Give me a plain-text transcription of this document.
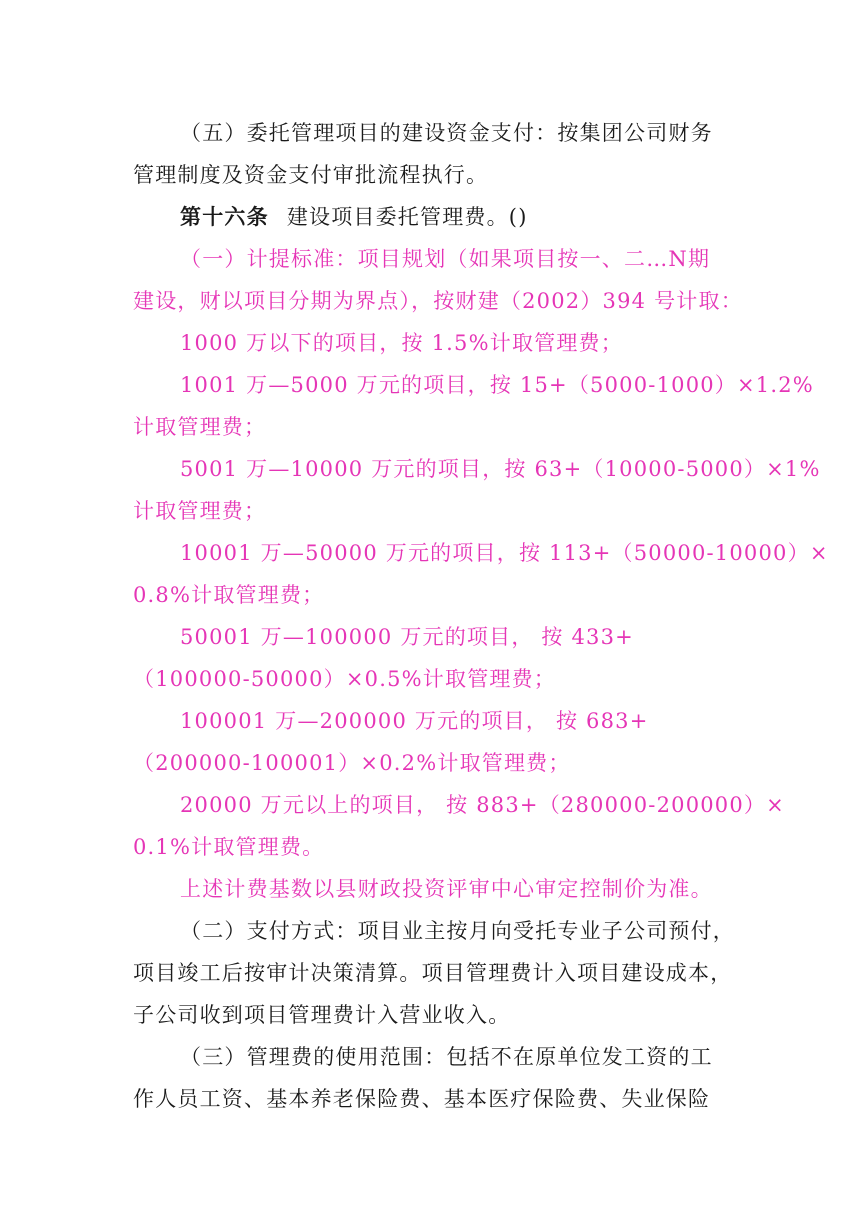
（五）委托管理项目的建设资金支付：按集团公司财务
管理制度及资金支付审批流程执行。
第十六条 建设项目委托管理费。()
（一）计提标准：项目规划（如果项目按一、二…N期
建设，财以项目分期为界点），按财建（2002）394 号计取：
1000 万以下的项目，按 1.5%计取管理费；
1001 万—5000 万元的项目，按 15+（5000-1000）×1.2%
计取管理费；
5001 万—10000 万元的项目，按 63+（10000-5000）×1%
计取管理费；
10001 万—50000 万元的项目，按 113+（50000-10000）×
0.8%计取管理费；
50001 万—100000 万元的项目， 按 433+
（100000-50000）×0.5%计取管理费；
100001 万—200000 万元的项目， 按 683+
（200000-100001）×0.2%计取管理费；
20000 万元以上的项目， 按 883+（280000-200000）×
0.1%计取管理费。
上述计费基数以县财政投资评审中心审定控制价为准。
（二）支付方式：项目业主按月向受托专业子公司预付，
项目竣工后按审计决策清算。项目管理费计入项目建设成本，
子公司收到项目管理费计入营业收入。
（三）管理费的使用范围：包括不在原单位发工资的工
作人员工资、基本养老保险费、基本医疗保险费、失业保险
